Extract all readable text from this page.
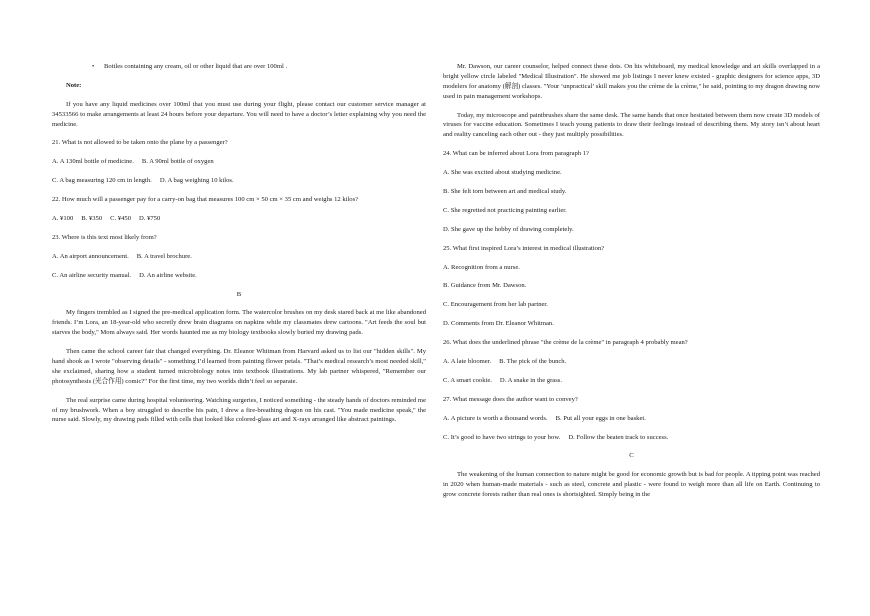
• Bottles containing any cream, oil or other liquid that are over 100ml .

Note:

If you have any liquid medicines over 100ml that you must use during your flight, please contact our customer service manager at 34533566 to make arrangements at least 24 hours before your departure. You will need to have a doctor’s letter explaining why you need the medicine.

21. What is not allowed to be taken onto the plane by a passenger?

A. A 130ml bottle of medicine. B. A 90ml bottle of oxygen
C. A bag measuring 120 cm in length. D. A bag weighing 10 kilos.

22. How much will a passenger pay for a carry-on bag that measures 100 cm × 50 cm × 35 cm and weighs 12 kilos?

A. ¥100 B. ¥350 C. ¥450 D. ¥750

23. Where is this text most likely from?

A. An airport announcement. B. A travel brochure.
C. An airline security manual. D. An airline website.

B

My fingers trembled as I signed the pre-medical application form. The watercolor brushes on my desk stared back at me like abandoned friends. I’m Lora, an 18-year-old who secretly drew brain diagrams on napkins while my classmates drew cartoons. "Art feeds the soul but starves the body," Mom always said. Her words haunted me as my biology textbooks slowly buried my drawing pads.

Then came the school career fair that changed everything. Dr. Eleanor Whitman from Harvard asked us to list our "hidden skills". My hand shook as I wrote "observing details" - something I’d learned from painting flower petals. "That’s medical research’s most needed skill," she exclaimed, sharing how a student turned microbiology notes into textbook illustrations. My lab partner whispered, "Remember our photosynthesis (光合作用) comic?" For the first time, my two worlds didn’t feel so separate.

The real surprise came during hospital volunteering. Watching surgeries, I noticed something - the steady hands of doctors reminded me of my brushwork. When a boy struggled to describe his pain, I drew a fire-breathing dragon on his cast. "You made medicine speak," the nurse said. Slowly, my drawing pads filled with cells that looked like colored-glass art and X-rays arranged like abstract paintings.

Mr. Dawson, our career counselor, helped connect these dots. On his whiteboard, my medical knowledge and art skills overlapped in a bright yellow circle labeled "Medical Illustration". He showed me job listings I never knew existed - graphic designers for science apps, 3D modelers for anatomy (解剖) classes. "Your ‘unpractical’ skill makes you the crème de la crème," he said, pointing to my dragon drawing now used in pain management workshops.

Today, my microscope and paintbrushes share the same desk. The same hands that once hesitated between them now create 3D models of viruses for vaccine education. Sometimes I teach young patients to draw their feelings instead of describing them. My story isn’t about heart and reality canceling each other out - they just multiply possibilities.

24. What can be inferred about Lora from paragraph 1?

A. She was excited about studying medicine.

B. She felt torn between art and medical study.

C. She regretted not practicing painting earlier.

D. She gave up the hobby of drawing completely.

25. What first inspired Lora’s interest in medical illustration?

A. Recognition from a nurse.

B. Guidance from Mr. Dawson.

C. Encouragement from her lab partner.

D. Comments from Dr. Eleanor Whitman.

26. What does the underlined phrase "the crème de la crème" in paragraph 4 probably mean?

A. A late bloomer. B. The pick of the bunch.
C. A smart cookie. D. A snake in the grass.

27. What message does the author want to convey?

A. A picture is worth a thousand words. B. Put all your eggs in one basket.
C. It’s good to have two strings to your bow. D. Follow the beaten track to success.

C

The weakening of the human connection to nature might be good for economic growth but is bad for people. A tipping point was reached in 2020 when human-made materials - such as steel, concrete and plastic - were found to weigh more than all life on Earth. Continuing to grow concrete forests rather than real ones is shortsighted. Simply being in the
